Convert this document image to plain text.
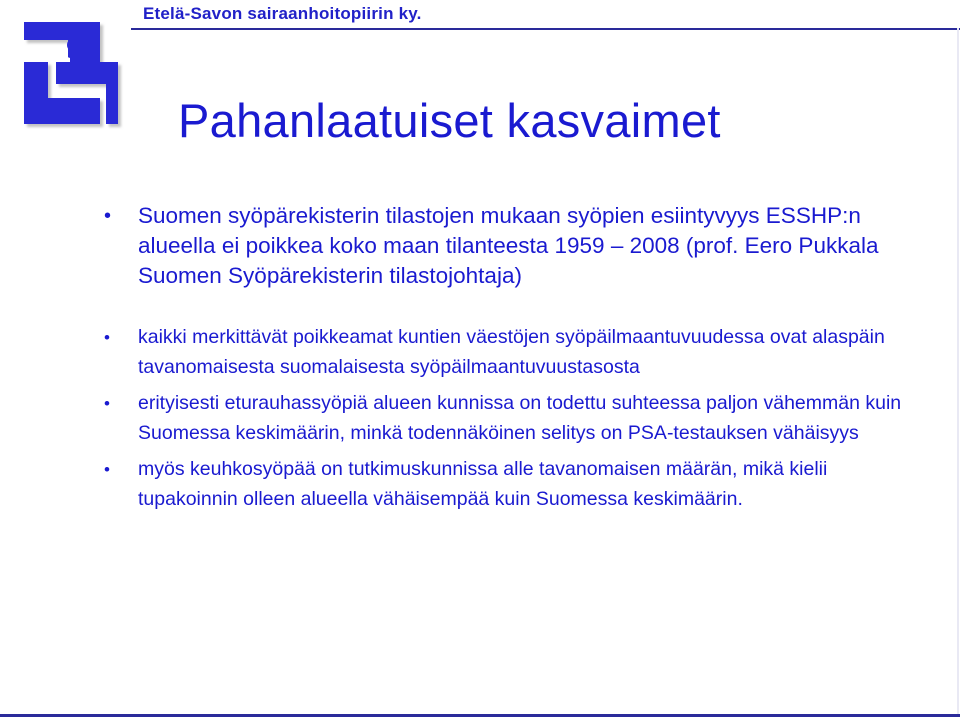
Etelä-Savon sairaanhoitopiirin ky.
Pahanlaatuiset kasvaimet
• Suomen syöpärekisterin tilastojen mukaan syöpien esiintyvyys ESSHP:n alueella ei poikkea koko maan tilanteesta 1959 – 2008 (prof. Eero Pukkala Suomen Syöpärekisterin tilastojohtaja)
• kaikki merkittävät poikkeamat kuntien väestöjen syöpäilmaantuvuudessa ovat alaspäin tavanomaisesta suomalaisesta syöpäilmaantuvuustasosta
• erityisesti eturauhassyöpiä alueen kunnissa on todettu suhteessa paljon vähemmän kuin Suomessa keskimäärin, minkä todennäköinen selitys on PSA-testauksen vähäisyys
• myös keuhkosyöpää on tutkimuskunnissa alle tavanomaisen määrän, mikä kielii tupakoinnin olleen alueella vähäisempää kuin Suomessa keskimäärin.
